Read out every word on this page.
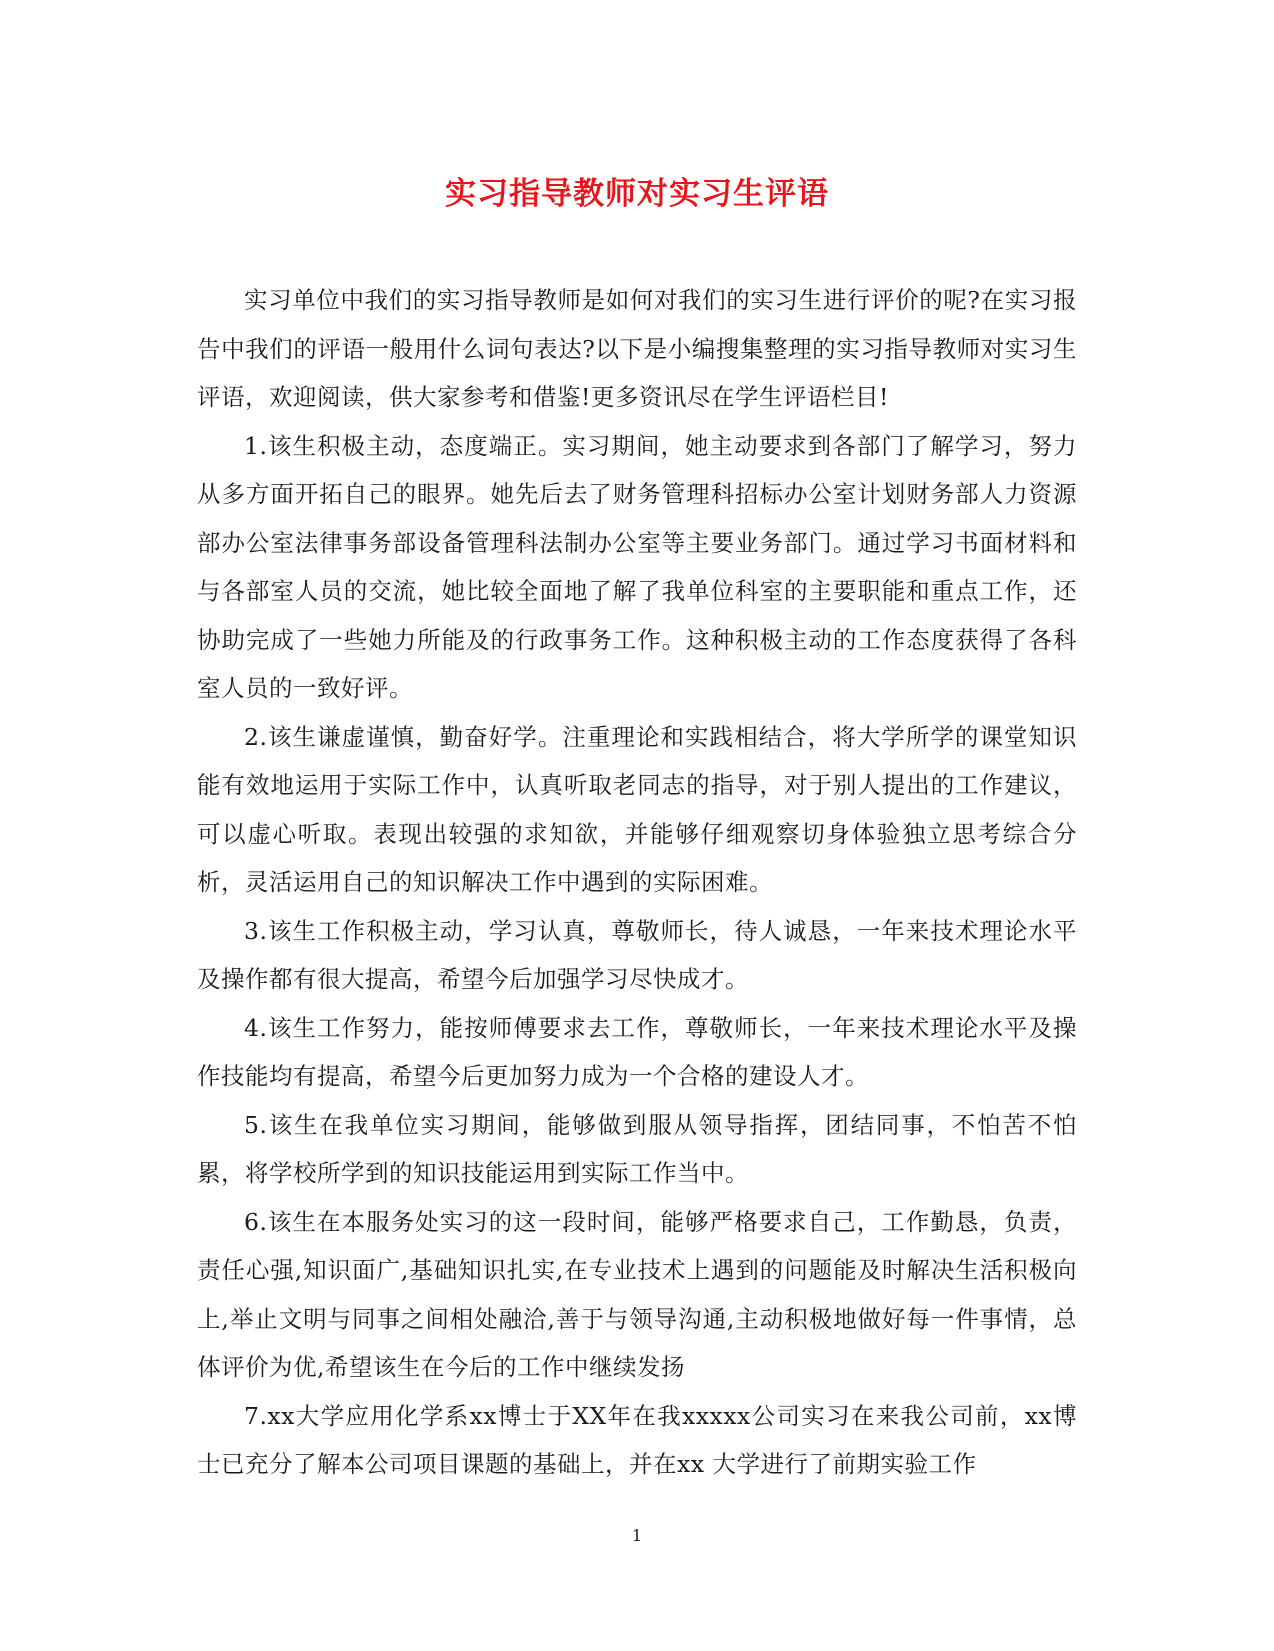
实习指导教师对实习生评语

实习单位中我们的实习指导教师是如何对我们的实习生进行评价的呢?在实习报告中我们的评语一般用什么词句表达?以下是小编搜集整理的实习指导教师对实习生评语，欢迎阅读，供大家参考和借鉴!更多资讯尽在学生评语栏目!

1.该生积极主动，态度端正。实习期间，她主动要求到各部门了解学习，努力从多方面开拓自己的眼界。她先后去了财务管理科招标办公室计划财务部人力资源部办公室法律事务部设备管理科法制办公室等主要业务部门。通过学习书面材料和与各部室人员的交流，她比较全面地了解了我单位科室的主要职能和重点工作，还协助完成了一些她力所能及的行政事务工作。这种积极主动的工作态度获得了各科室人员的一致好评。

2.该生谦虚谨慎，勤奋好学。注重理论和实践相结合，将大学所学的课堂知识能有效地运用于实际工作中，认真听取老同志的指导，对于别人提出的工作建议，可以虚心听取。表现出较强的求知欲，并能够仔细观察切身体验独立思考综合分析，灵活运用自己的知识解决工作中遇到的实际困难。

3.该生工作积极主动，学习认真，尊敬师长，待人诚恳，一年来技术理论水平及操作都有很大提高，希望今后加强学习尽快成才。

4.该生工作努力，能按师傅要求去工作，尊敬师长，一年来技术理论水平及操作技能均有提高，希望今后更加努力成为一个合格的建设人才。

5.该生在我单位实习期间，能够做到服从领导指挥，团结同事，不怕苦不怕累，将学校所学到的知识技能运用到实际工作当中。

6.该生在本服务处实习的这一段时间，能够严格要求自己，工作勤恳，负责，责任心强,知识面广,基础知识扎实,在专业技术上遇到的问题能及时解决生活积极向上,举止文明与同事之间相处融洽,善于与领导沟通,主动积极地做好每一件事情，总体评价为优,希望该生在今后的工作中继续发扬

7.xx大学应用化学系xx博士于XX年在我xxxxx公司实习在来我公司前，xx博士已充分了解本公司项目课题的基础上，并在xx 大学进行了前期实验工作

1
